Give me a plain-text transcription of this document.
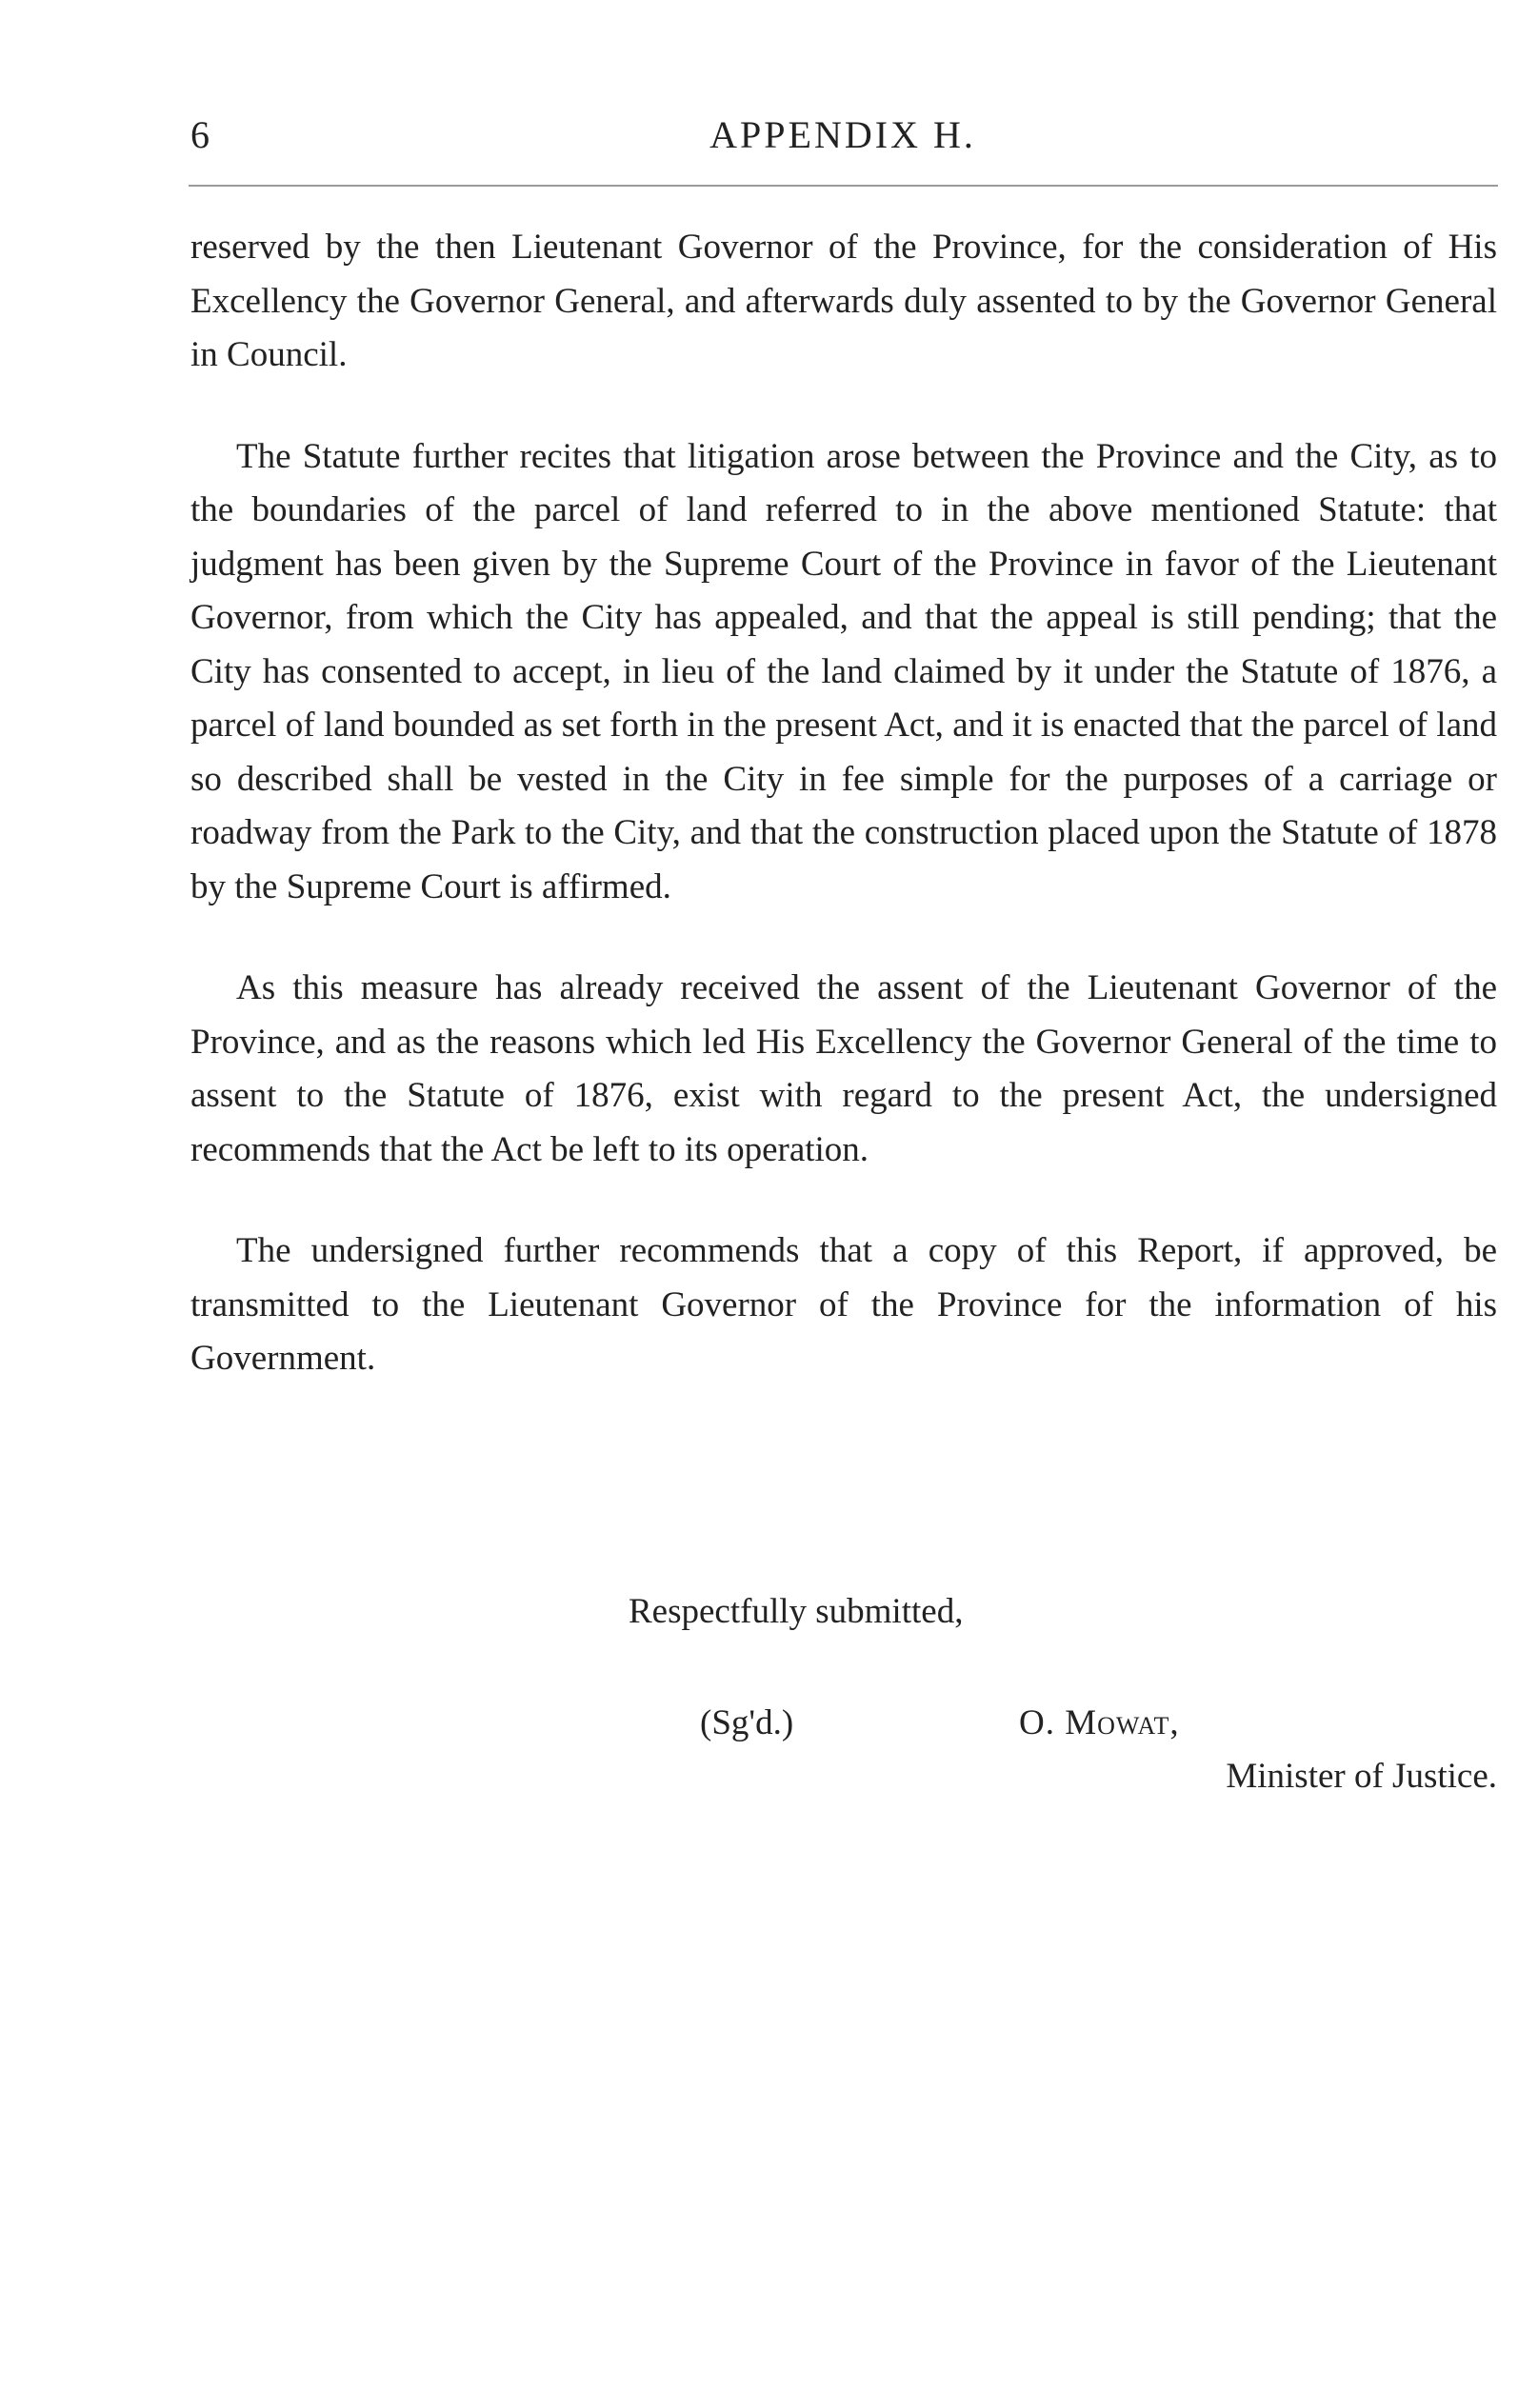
6	APPENDIX H.

reserved by the then Lieutenant Governor of the Province, for the consideration of His Excellency the Governor General, and afterwards duly assented to by the Governor General in Council.

The Statute further recites that litigation arose between the Province and the City, as to the boundaries of the parcel of land referred to in the above mentioned Statute: that judgment has been given by the Supreme Court of the Province in favor of the Lieutenant Governor, from which the City has appealed, and that the appeal is still pending; that the City has consented to accept, in lieu of the land claimed by it under the Statute of 1876, a parcel of land bounded as set forth in the present Act, and it is enacted that the parcel of land so described shall be vested in the City in fee simple for the purposes of a carriage or roadway from the Park to the City, and that the construction placed upon the Statute of 1878 by the Supreme Court is affirmed.

As this measure has already received the assent of the Lieutenant Governor of the Province, and as the reasons which led His Excellency the Governor General of the time to assent to the Statute of 1876, exist with regard to the present Act, the undersigned recommends that the Act be left to its operation.

The undersigned further recommends that a copy of this Report, if approved, be transmitted to the Lieutenant Governor of the Province for the information of his Government.

Respectfully submitted,
(Sg'd.)	O. Mowat,
Minister of Justice.
